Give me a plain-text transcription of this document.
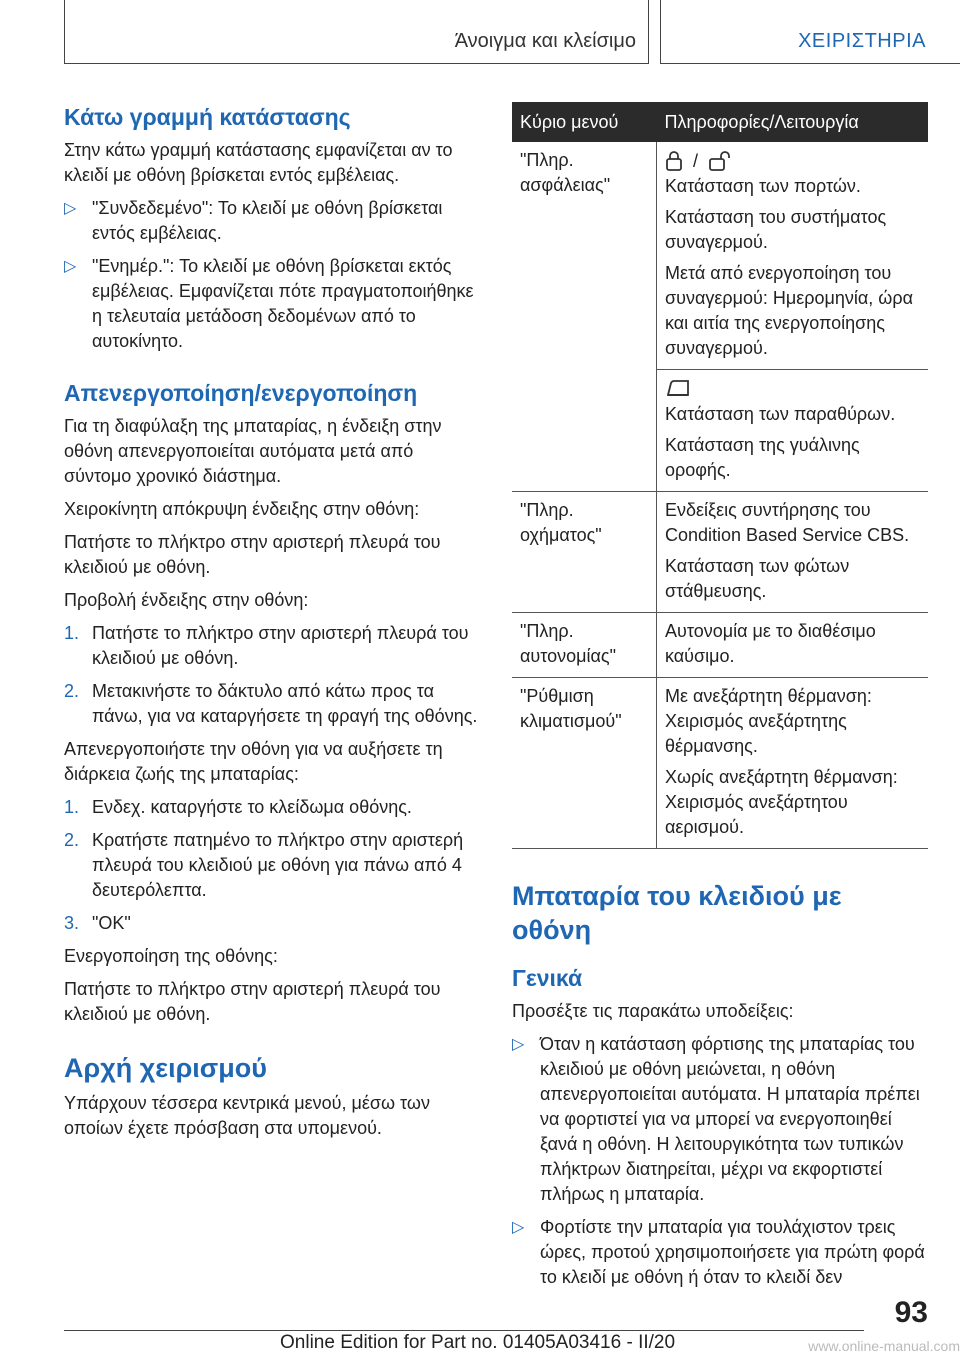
Άνοιγμα και κλείσιμο	ΧΕΙΡΙΣΤΗΡΙΑ
Κάτω γραμμή κατάστασης

Στην κάτω γραμμή κατάστασης εμφανίζεται αν το κλειδί με οθόνη βρίσκεται εντός εμβέλειας.

▷ "Συνδεδεμένο": Το κλειδί με οθόνη βρίσκεται εντός εμβέλειας.
▷ "Ενημέρ.": Το κλειδί με οθόνη βρίσκεται εκτός εμβέλειας. Εμφανίζεται πότε πραγματοποιήθηκε η τελευταία μετάδοση δεδομένων από το αυτοκίνητο.
Απενεργοποίηση/ενεργοποίηση

Για τη διαφύλαξη της μπαταρίας, η ένδειξη στην οθόνη απενεργοποιείται αυτόματα μετά από σύντομο χρονικό διάστημα.

Χειροκίνητη απόκρυψη ένδειξης στην οθόνη:

Πατήστε το πλήκτρο στην αριστερή πλευρά του κλειδιού με οθόνη.

Προβολή ένδειξης στην οθόνη:

1. Πατήστε το πλήκτρο στην αριστερή πλευρά του κλειδιού με οθόνη.
2. Μετακινήστε το δάκτυλο από κάτω προς τα πάνω, για να καταργήσετε τη φραγή της οθόνης.

Απενεργοποιήστε την οθόνη για να αυξήσετε τη διάρκεια ζωής της μπαταρίας:

1. Ενδεχ. καταργήστε το κλείδωμα οθόνης.
2. Κρατήστε πατημένο το πλήκτρο στην αριστερή πλευρά του κλειδιού με οθόνη για πάνω από 4 δευτερόλεπτα.
3. "OK"

Ενεργοποίηση της οθόνης:

Πατήστε το πλήκτρο στην αριστερή πλευρά του κλειδιού με οθόνη.

Αρχή χειρισμού

Υπάρχουν τέσσερα κεντρικά μενού, μέσω των οποίων έχετε πρόσβαση στα υπομενού.

Κύριο μενού	Πληροφορίες/Λειτουργία
"Πληρ. ασφάλειας"	/

Κατάσταση των πορτών.

Κατάσταση του συστήματος συναγερμού.

Μετά από ενεργοποίηση του συναγερμού: Ημερομηνία, ώρα και αιτία της ενεργοποίησης συναγερμού.

	Κατάσταση των παραθύρων.

Κατάσταση της γυάλινης οροφής.

"Πληρ. οχήματος"	Ενδείξεις συντήρησης του Condition Based Service CBS.

Κατάσταση των φώτων στάθμευσης.

"Πληρ. αυτονομίας"	Αυτονομία με το διαθέσιμο καύσιμο.

"Ρύθμιση κλιματισμού"	Με ανεξάρτητη θέρμανση: Χειρισμός ανεξάρτητης θέρμανσης.

Χωρίς ανεξάρτητη θέρμανση: Χειρισμός ανεξάρτητου αερισμού.

Μπαταρία του κλειδιού με οθόνη
Γενικά

Προσέξτε τις παρακάτω υποδείξεις:

▷ Όταν η κατάσταση φόρτισης της μπαταρίας του κλειδιού με οθόνη μειώνεται, η οθόνη απενεργοποιείται αυτόματα. Η μπαταρία πρέπει να φορτιστεί για να μπορεί να ενεργοποιηθεί ξανά η οθόνη. Η λειτουργικότητα των τυπικών πλήκτρων διατηρείται, μέχρι να εκφορτιστεί πλήρως η μπαταρία.
▷ Φορτίστε την μπαταρία για τουλάχιστον τρεις ώρες, προτού χρησιμοποιήσετε για πρώτη φορά το κλειδί με οθόνη ή όταν το κλειδί δεν
93
Online Edition for Part no. 01405A03416 - II/20	www.online-manual.com
